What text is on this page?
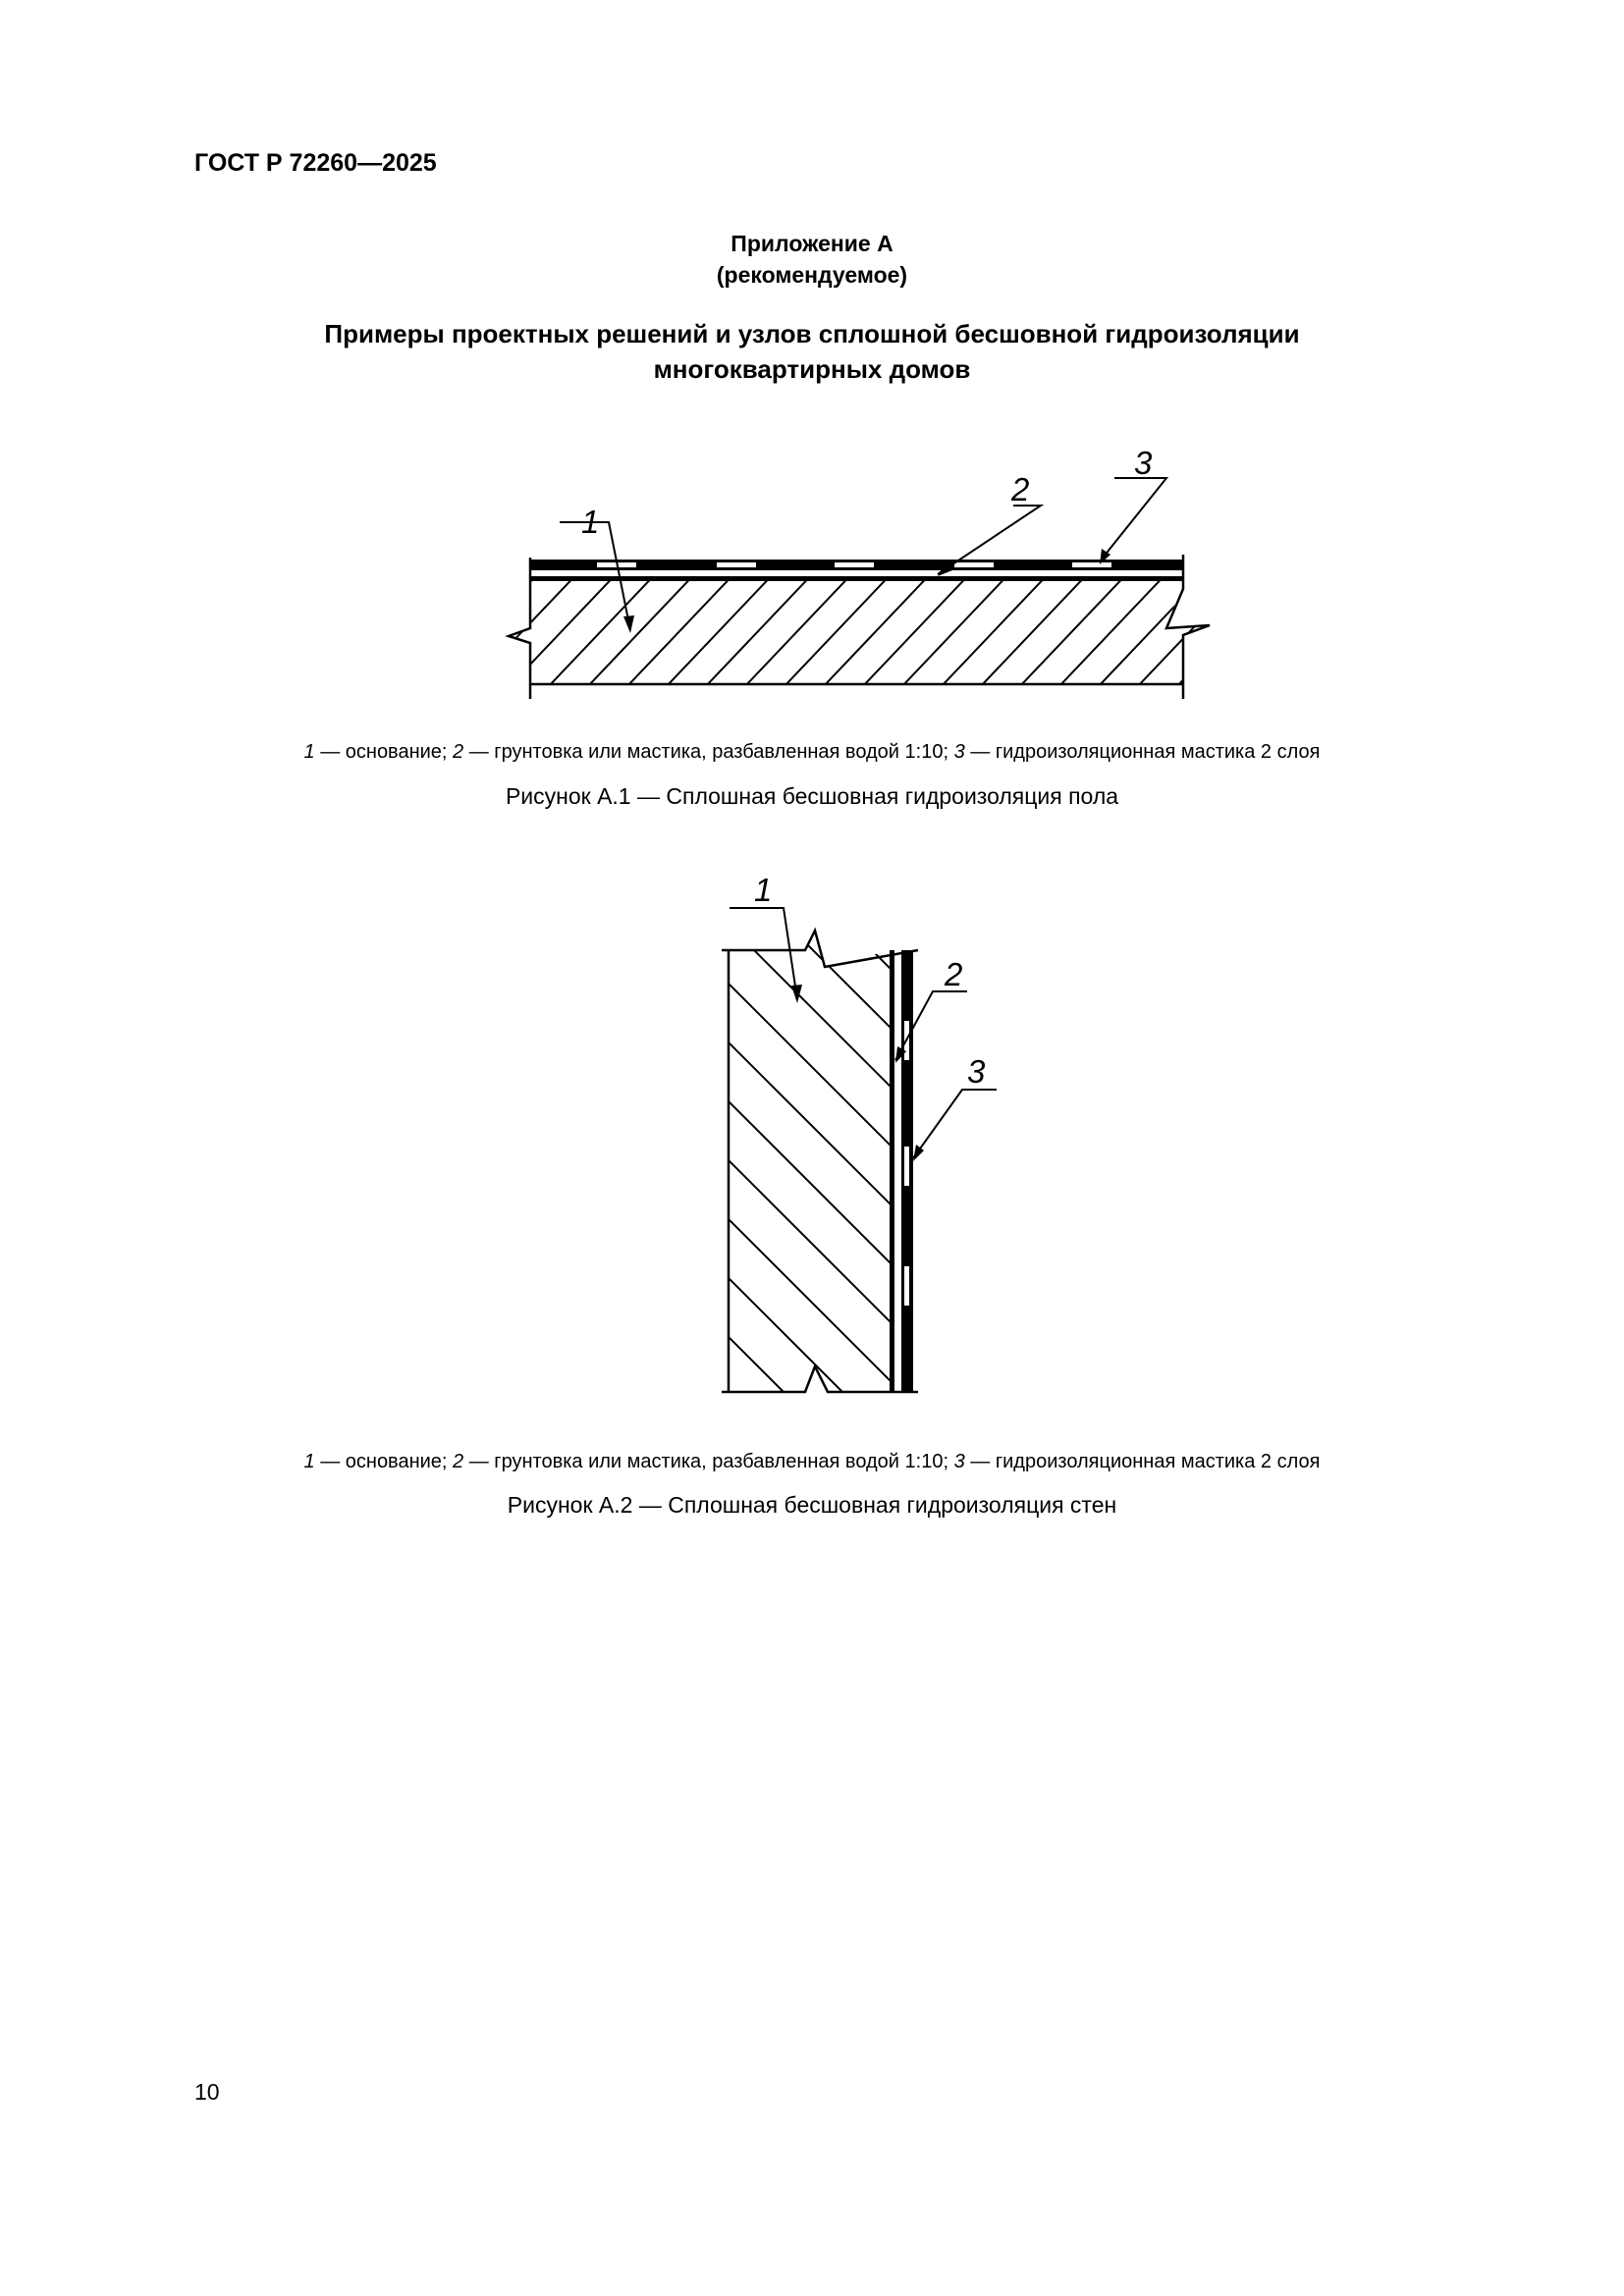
ГОСТ Р 72260—2025
Приложение А
(рекомендуемое)
Примеры проектных решений и узлов сплошной бесшовной гидроизоляции
многоквартирных домов
1
2
3
1 — основание; 2 — грунтовка или мастика, разбавленная водой 1:10; 3 — гидроизоляционная мастика 2 слоя
Рисунок А.1 — Сплошная бесшовная гидроизоляция пола
1
2
3
1 — основание; 2 — грунтовка или мастика, разбавленная водой 1:10; 3 — гидроизоляционная мастика 2 слоя
Рисунок А.2 — Сплошная бесшовная гидроизоляция стен
10
